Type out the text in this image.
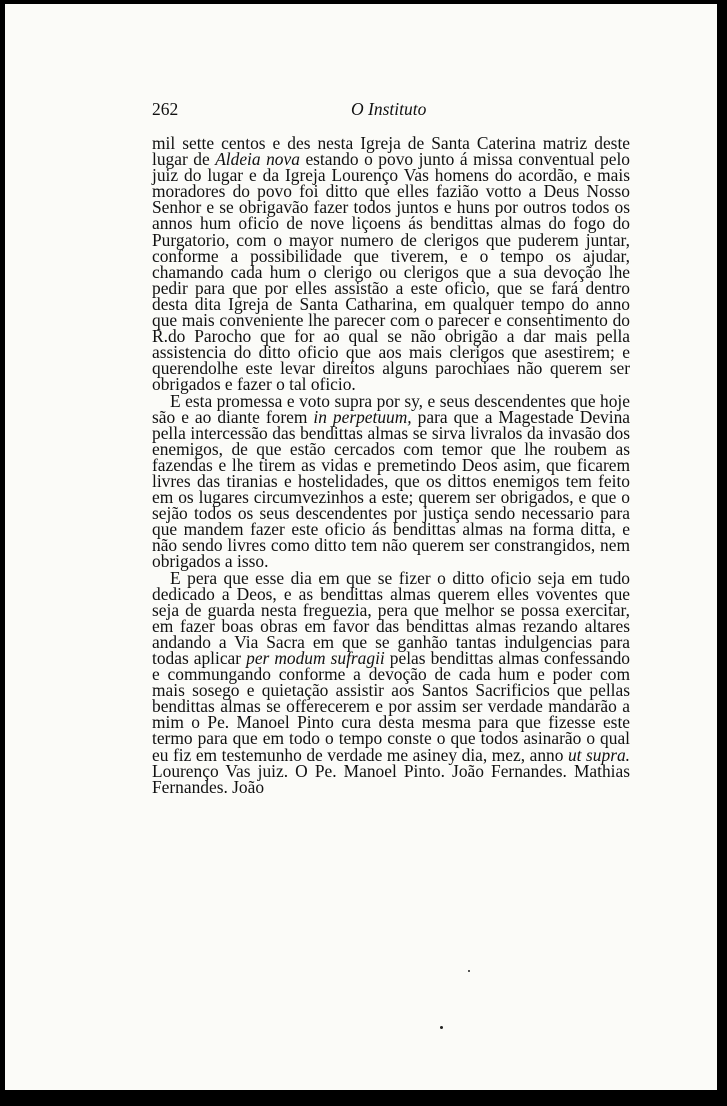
262	O Instituto

mil sette centos e des nesta Igreja de Santa Caterina matriz deste lugar de Aldeia nova estando o povo junto á missa conventual pelo juiz do lugar e da Igreja Lourenço Vas homens do acordão, e mais moradores do povo foi ditto que elles fazião votto a Deus Nosso Senhor e se obrigavão fazer todos juntos e huns por outros todos os annos hum oficio de nove liçoens ás bendittas almas do fogo do Purgatorio, com o mayor numero de clerigos que puderem juntar, conforme a possibilidade que tiverem, e o tempo os ajudar, chamando cada hum o clerigo ou clerigos que a sua devoção lhe pedir para que por elles assistão a este oficio, que se fará dentro desta dita Igreja de Santa Catharina, em qualquer tempo do anno que mais conveniente lhe parecer com o parecer e consentimento do R.do Parocho que for ao qual se não obrigão a dar mais pella assistencia do ditto oficio que aos mais clerigos que asestirem; e querendolhe este levar direitos alguns parochiaes não querem ser obrigados e fazer o tal oficio.

E esta promessa e voto supra por sy, e seus descendentes que hoje são e ao diante forem in perpetuum, para que a Magestade Devina pella intercessão das bendittas almas se sirva livralos da invasão dos enemigos, de que estão cercados com temor que lhe roubem as fazendas e lhe tirem as vidas e premetindo Deos asim, que ficarem livres das tiranias e hostelidades, que os dittos enemigos tem feito em os lugares circumvezinhos a este; querem ser obrigados, e que o sejão todos os seus descendentes por justiça sendo necessario para que mandem fazer este oficio ás bendittas almas na forma ditta, e não sendo livres como ditto tem não querem ser constrangidos, nem obrigados a isso.

E pera que esse dia em que se fizer o ditto oficio seja em tudo dedicado a Deos, e as bendittas almas querem elles voventes que seja de guarda nesta freguezia, pera que melhor se possa exercitar, em fazer boas obras em favor das bendittas almas rezando altares andando a Via Sacra em que se ganhão tantas indulgencias para todas aplicar per modum sufragii pelas bendittas almas confessando e commungando conforme a devoção de cada hum e poder com mais sosego e quietação assistir aos Santos Sacrificios que pellas bendittas almas se offerecerem e por assim ser verdade mandarão a mim o Pe. Manoel Pinto cura desta mesma para que fizesse este termo para que em todo o tempo conste o que todos asinarão o qual eu fiz em testemunho de verdade me asiney dia, mez, anno ut supra. Lourenço Vas juiz. O Pe. Manoel Pinto. João Fernandes. Mathias Fernandes. João
